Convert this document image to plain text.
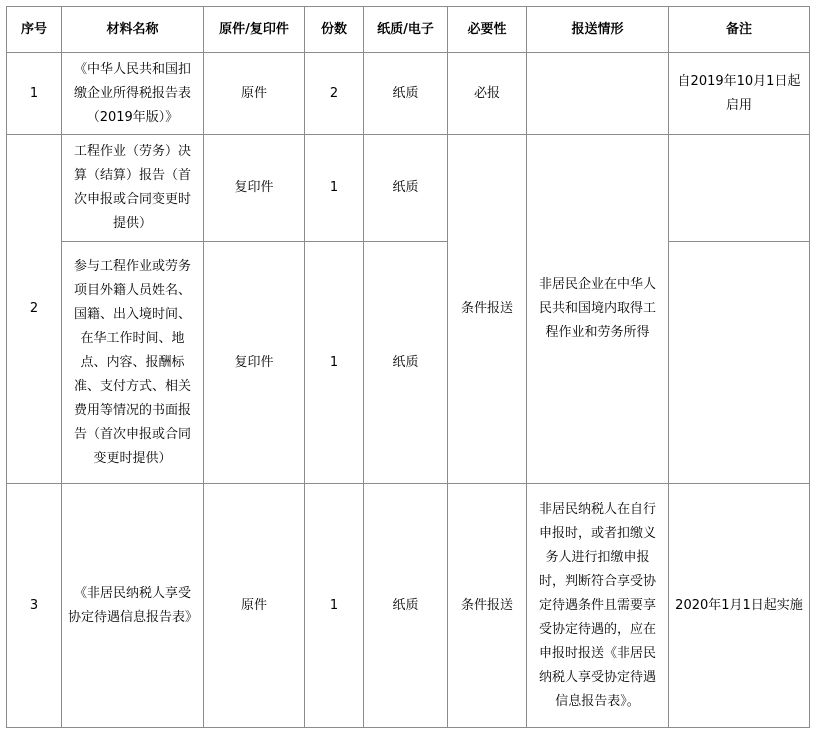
序号	材料名称	原件/复印件	份数	纸质/电子	必要性	报送情形	备注
1	《中华人民共和国扣缴企业所得税报告表（2019年版）》	原件	2	纸质	必报		自2019年10月1日起启用
2	工程作业（劳务）决算（结算）报告（首次申报或合同变更时提供）	复印件	1	纸质	条件报送	非居民企业在中华人民共和国境内取得工程作业和劳务所得	
	参与工程作业或劳务项目外籍人员姓名、国籍、出入境时间、在华工作时间、地点、内容、报酬标准、支付方式、相关费用等情况的书面报告（首次申报或合同变更时提供）	复印件	1	纸质			
3	《非居民纳税人享受协定待遇信息报告表》	原件	1	纸质	条件报送	非居民纳税人在自行申报时，或者扣缴义务人进行扣缴申报时，判断符合享受协定待遇条件且需要享受协定待遇的，应在申报时报送《非居民纳税人享受协定待遇信息报告表》。	2020年1月1日起实施
